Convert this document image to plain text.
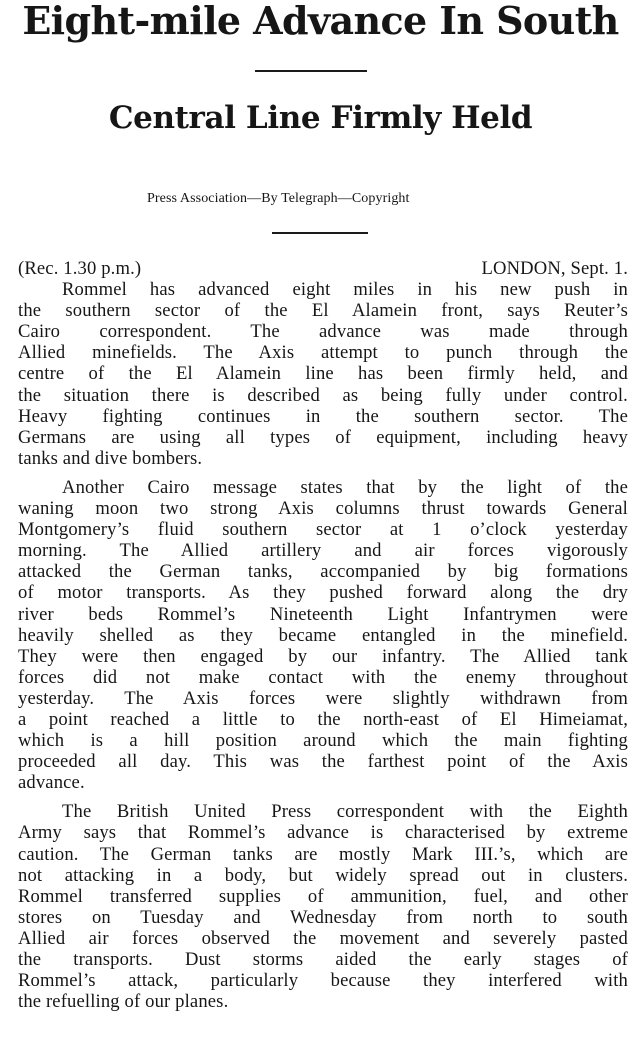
Eight-mile Advance In South
Central Line Firmly Held
Press Association—By Telegraph—Copyright
(Rec. 1.30 p.m.)	LONDON, Sept. 1.
Rommel has advanced eight miles in his new push in
the southern sector of the El Alamein front, says Reuter’s
Cairo correspondent. The advance was made through
Allied minefields. The Axis attempt to punch through the
centre of the El Alamein line has been firmly held, and
the situation there is described as being fully under control.
Heavy fighting continues in the southern sector. The
Germans are using all types of equipment, including heavy
tanks and dive bombers.
Another Cairo message states that by the light of the
waning moon two strong Axis columns thrust towards General
Montgomery’s fluid southern sector at 1 o’clock yesterday
morning. The Allied artillery and air forces vigorously
attacked the German tanks, accompanied by big formations
of motor transports. As they pushed forward along the dry
river beds Rommel’s Nineteenth Light Infantrymen were
heavily shelled as they became entangled in the minefield.
They were then engaged by our infantry. The Allied tank
forces did not make contact with the enemy throughout
yesterday. The Axis forces were slightly withdrawn from
a point reached a little to the north-east of El Himeiamat,
which is a hill position around which the main fighting
proceeded all day. This was the farthest point of the Axis
advance.
The British United Press correspondent with the Eighth
Army says that Rommel’s advance is characterised by extreme
caution. The German tanks are mostly Mark III.’s, which are
not attacking in a body, but widely spread out in clusters.
Rommel transferred supplies of ammunition, fuel, and other
stores on Tuesday and Wednesday from north to south
Allied air forces observed the movement and severely pasted
the transports. Dust storms aided the early stages of
Rommel’s attack, particularly because they interfered with
the refuelling of our planes.
